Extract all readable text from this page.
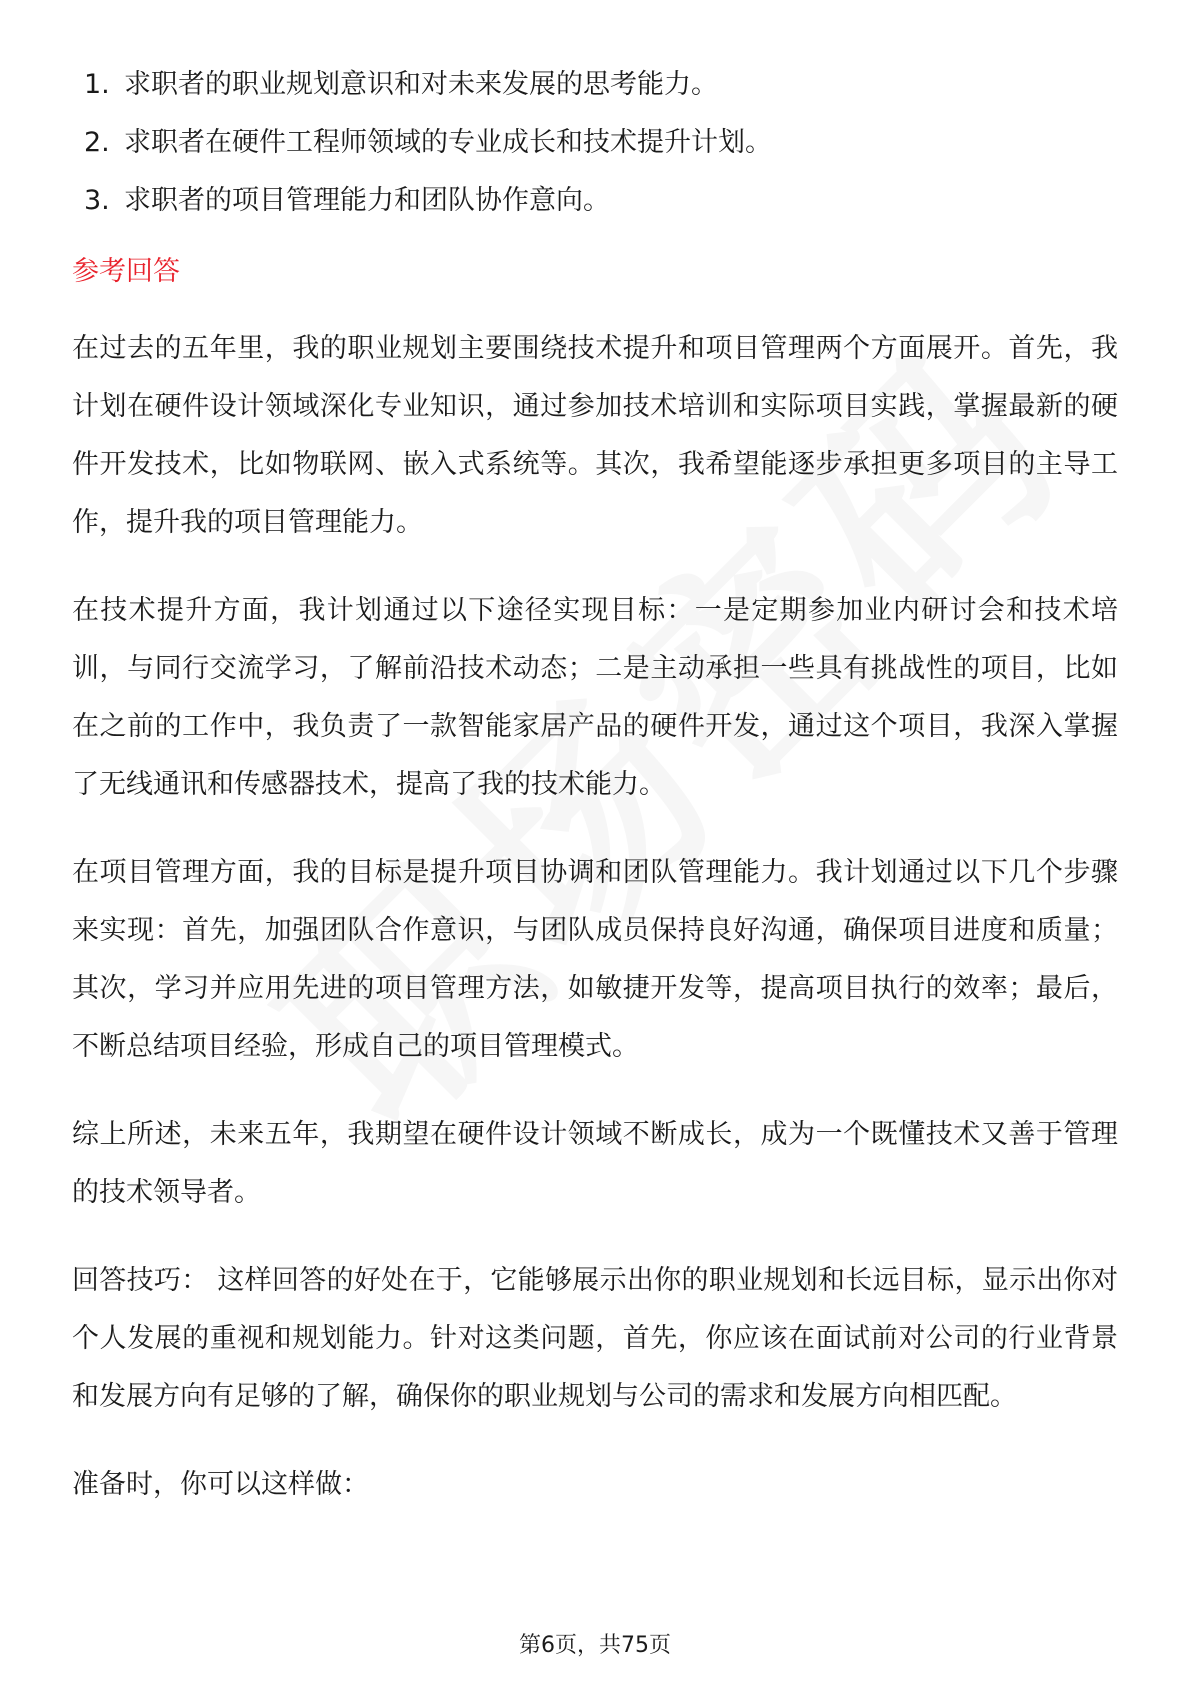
1. 求职者的职业规划意识和对未来发展的思考能力。
2. 求职者在硬件工程师领域的专业成长和技术提升计划。
3. 求职者的项目管理能力和团队协作意向。
参考回答

在过去的五年里，我的职业规划主要围绕技术提升和项目管理两个方面展开。首先，我计划在硬件设计领域深化专业知识，通过参加技术培训和实际项目实践，掌握最新的硬件开发技术，比如物联网、嵌入式系统等。其次，我希望能逐步承担更多项目的主导工作，提升我的项目管理能力。

在技术提升方面，我计划通过以下途径实现目标：一是定期参加业内研讨会和技术培训，与同行交流学习，了解前沿技术动态；二是主动承担一些具有挑战性的项目，比如在之前的工作中，我负责了一款智能家居产品的硬件开发，通过这个项目，我深入掌握了无线通讯和传感器技术，提高了我的技术能力。

在项目管理方面，我的目标是提升项目协调和团队管理能力。我计划通过以下几个步骤来实现：首先，加强团队合作意识，与团队成员保持良好沟通，确保项目进度和质量；其次，学习并应用先进的项目管理方法，如敏捷开发等，提高项目执行的效率；最后，不断总结项目经验，形成自己的项目管理模式。

综上所述，未来五年，我期望在硬件设计领域不断成长，成为一个既懂技术又善于管理的技术领导者。

回答技巧： 这样回答的好处在于，它能够展示出你的职业规划和长远目标，显示出你对个人发展的重视和规划能力。针对这类问题，首先，你应该在面试前对公司的行业背景和发展方向有足够的了解，确保你的职业规划与公司的需求和发展方向相匹配。

准备时，你可以这样做：

第6页，共75页
